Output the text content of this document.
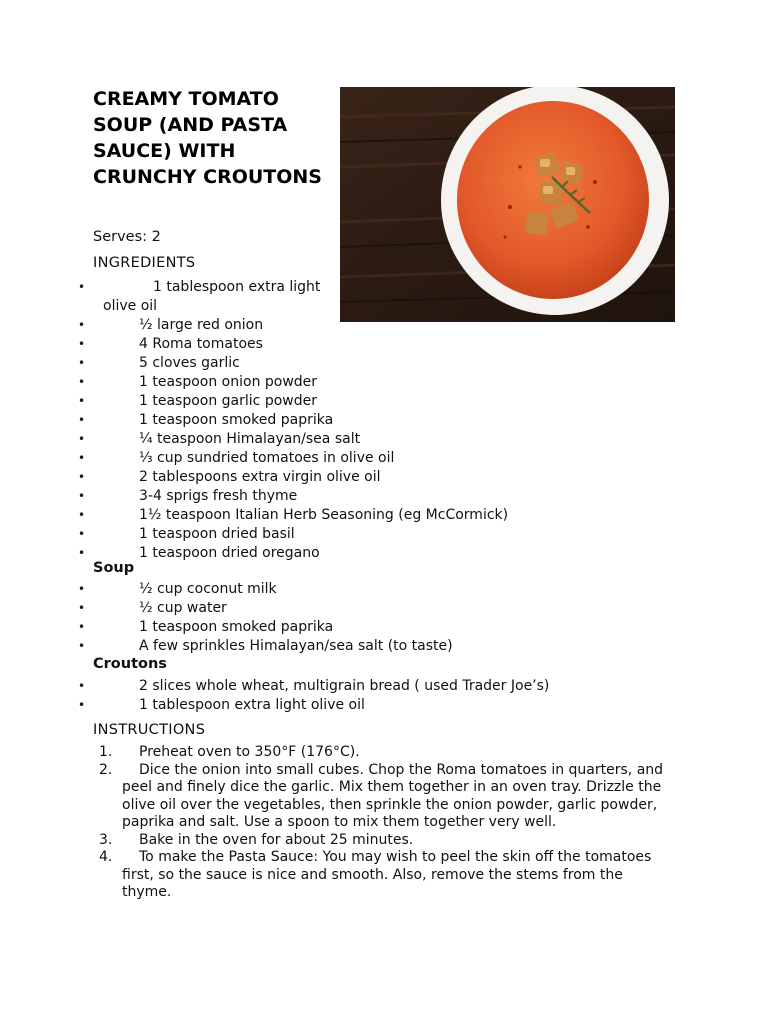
CREAMY TOMATO SOUP (AND PASTA SAUCE) WITH CRUNCHY CROUTONS
Serves: 2
INGREDIENTS
•	1 tablespoon extra light
olive oil
•	½ large red onion
•	4 Roma tomatoes
•	5 cloves garlic
•	1 teaspoon onion powder
•	1 teaspoon garlic powder
•	1 teaspoon smoked paprika
•	¼ teaspoon Himalayan/sea salt
•	⅓ cup sundried tomatoes in olive oil
•	2 tablespoons extra virgin olive oil
•	3-4 sprigs fresh thyme
•	1½ teaspoon Italian Herb Seasoning (eg McCormick)
•	1 teaspoon dried basil
•	1 teaspoon dried oregano
Soup
•	½ cup coconut milk
•	½ cup water
•	1 teaspoon smoked paprika
•	A few sprinkles Himalayan/sea salt (to taste)
Croutons
•	2 slices whole wheat, multigrain bread ( used Trader Joe’s)
•	1 tablespoon extra light olive oil
INSTRUCTIONS
1.	Preheat oven to 350°F (176°C).
2.	Dice the onion into small cubes. Chop the Roma tomatoes in quarters, and peel and finely dice the garlic. Mix them together in an oven tray. Drizzle the olive oil over the vegetables, then sprinkle the onion powder, garlic powder, paprika and salt. Use a spoon to mix them together very well.
3.	Bake in the oven for about 25 minutes.
4.	To make the Pasta Sauce: You may wish to peel the skin off the tomatoes first, so the sauce is nice and smooth. Also, remove the stems from the thyme.
